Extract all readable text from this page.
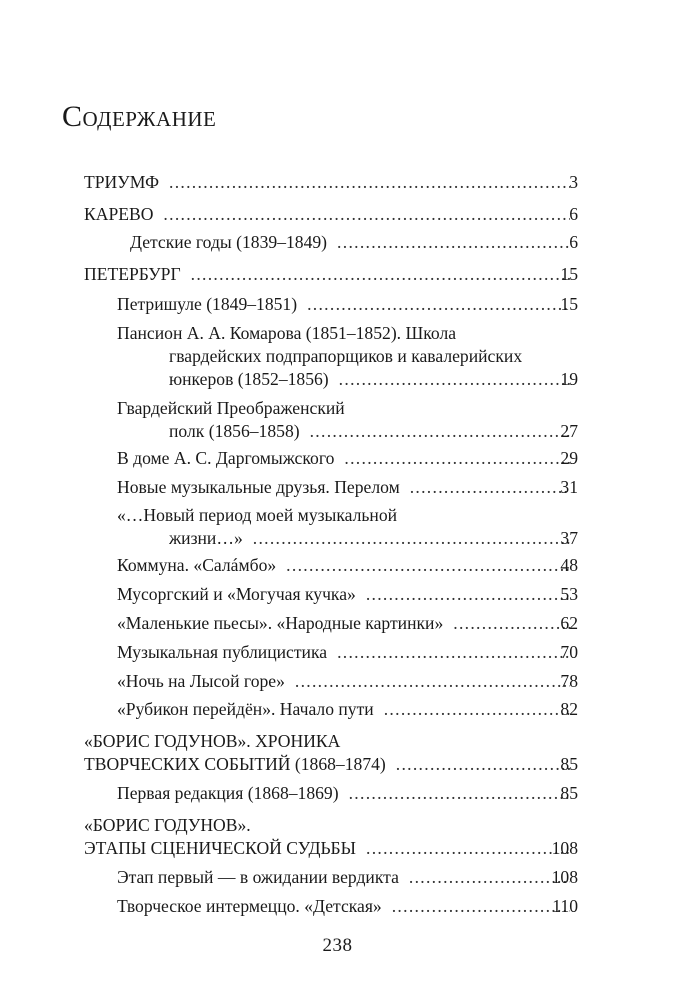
Содержание
ТРИУМФ .....	3
КАРЕВО .....	6
Детские годы (1839–1849) .....	6
ПЕТЕРБУРГ .....	15
Петришуле (1849–1851) .....	15
Пансион А. А. Комарова (1851–1852). Школа
гвардейских подпрапорщиков и кавалерийских
юнкеров (1852–1856) .....	19
Гвардейский Преображенский
полк (1856–1858) .....	27
В доме А. С. Даргомыжского .....	29
Новые музыкальные друзья. Перелом .....	31
«…Новый период моей музыкальной
жизни…» .....	37
Коммуна. «Салáмбо» .....	48
Мусоргский и «Могучая кучка» .....	53
«Маленькие пьесы». «Народные картинки» .....	62
Музыкальная публицистика .....	70
«Ночь на Лысой горе» .....	78
«Рубикон перейдён». Начало пути .....	82
«БОРИС ГОДУНОВ». ХРОНИКА
ТВОРЧЕСКИХ СОБЫТИЙ (1868–1874) .....	85
Первая редакция (1868–1869) .....	85
«БОРИС ГОДУНОВ».
ЭТАПЫ СЦЕНИЧЕСКОЙ СУДЬБЫ .....	108
Этап первый — в ожидании вердикта .....	108
Творческое интермеццо. «Детская» .....	110
238
